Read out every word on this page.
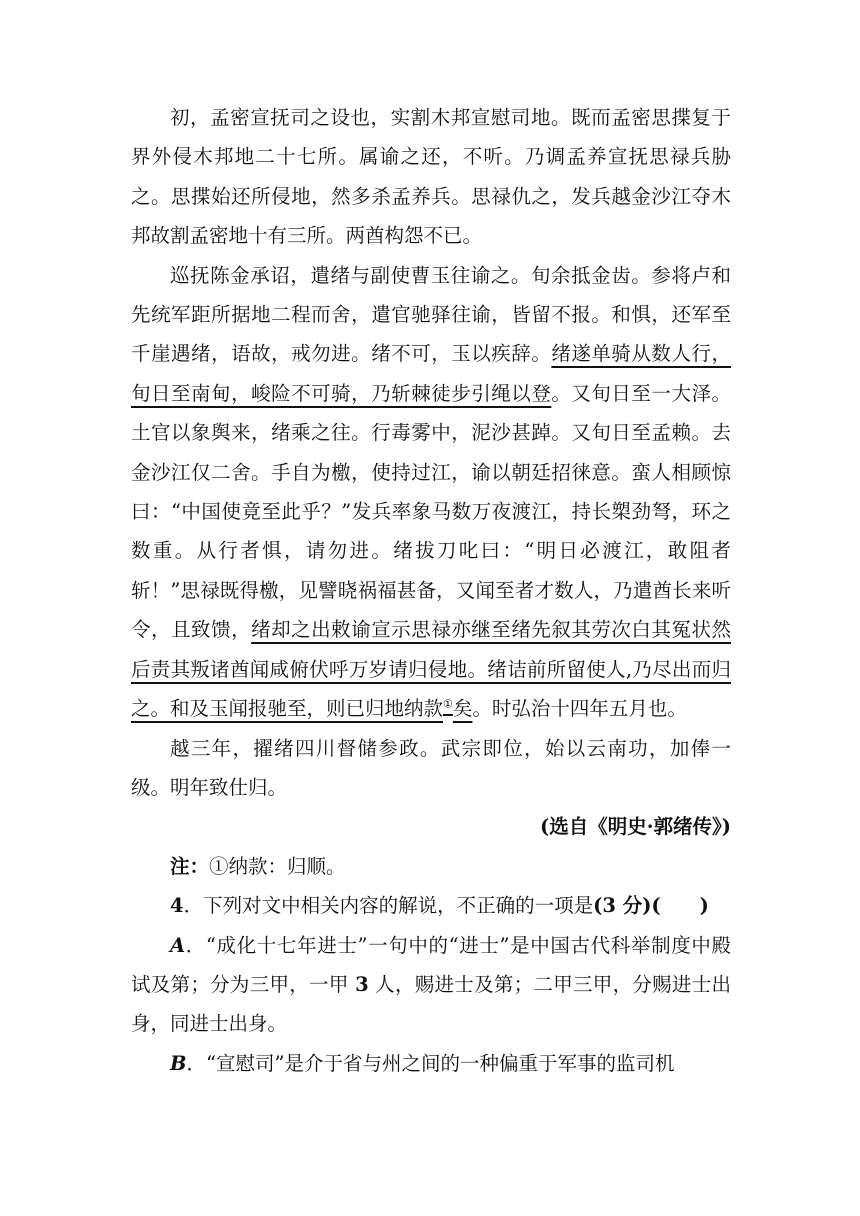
初，孟密宣抚司之设也，实割木邦宣慰司地。既而孟密思揲复于界外侵木邦地二十七所。属谕之还，不听。乃调孟养宣抚思禄兵胁之。思揲始还所侵地，然多杀孟养兵。思禄仇之，发兵越金沙江夺木邦故割孟密地十有三所。两酋构怨不已。

巡抚陈金承诏，遣绪与副使曹玉往谕之。旬余抵金齿。参将卢和先统军距所据地二程而舍，遣官驰驿往谕，皆留不报。和惧，还军至千崖遇绪，语故，戒勿进。绪不可，玉以疾辞。绪遂单骑从数人行，旬日至南甸，峻险不可骑，乃斩棘徒步引绳以登。又旬日至一大泽。土官以象舆来，绪乘之往。行毒雾中，泥沙甚踔。又旬日至孟赖。去金沙江仅二舍。手自为檄，使持过江，谕以朝廷招徕意。蛮人相顾惊曰：“中国使竟至此乎？”发兵率象马数万夜渡江，持长槊劲弩，环之数重。从行者惧，请勿进。绪拔刀叱曰：“明日必渡江，敢阻者斩！”思禄既得檄，见譬晓祸福甚备，又闻至者才数人，乃遣酋长来听令，且致馈，绪却之出敕谕宣示思禄亦继至绪先叙其劳次白其冤状然后责其叛诸酋闻咸俯伏呼万岁请归侵地。绪诘前所留使人,乃尽出而归之。和及玉闻报驰至，则已归地纳款①矣。时弘治十四年五月也。

越三年，擢绪四川督储参政。武宗即位，始以云南功，加俸一级。明年致仕归。

(选自《明史·郭绪传》)

注：①纳款：归顺。

4．下列对文中相关内容的解说，不正确的一项是(3 分)(　　)

A．“成化十七年进士”一句中的“进士”是中国古代科举制度中殿试及第；分为三甲，一甲 3 人，赐进士及第；二甲三甲，分赐进士出身，同进士出身。

B．“宣慰司”是介于省与州之间的一种偏重于军事的监司机
